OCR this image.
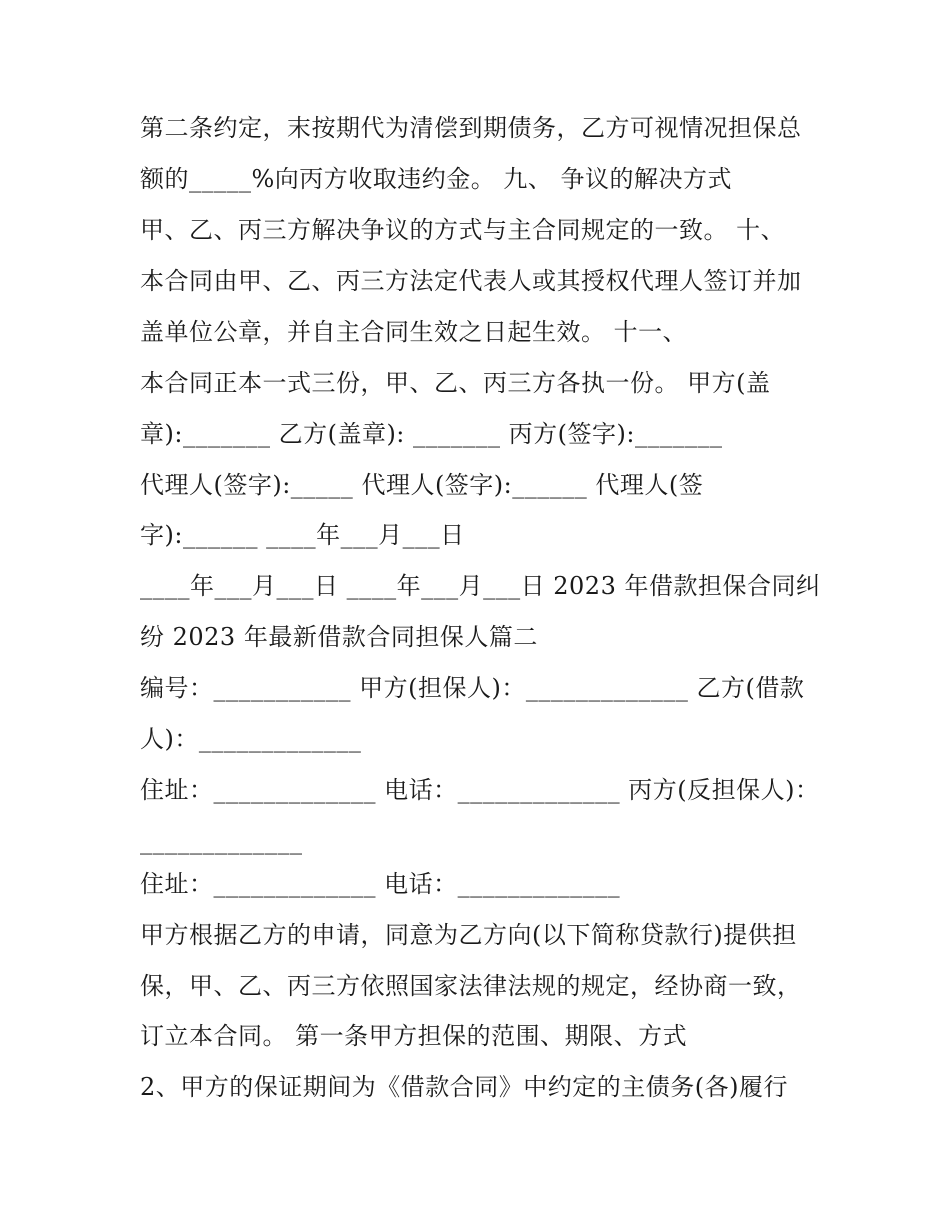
第二条约定，末按期代为清偿到期债务，乙方可视情况担保总
额的_____%向丙方收取违约金。 九、 争议的解决方式
甲、乙、丙三方解决争议的方式与主合同规定的一致。 十、
本合同由甲、乙、丙三方法定代表人或其授权代理人签订并加
盖单位公章，并自主合同生效之日起生效。 十一、
本合同正本一式三份，甲、乙、丙三方各执一份。 甲方(盖
章):_______ 乙方(盖章): _______ 丙方(签字):_______
代理人(签字):_____ 代理人(签字):______ 代理人(签
字):______ ____年___月___日
____年___月___日 ____年___月___日 2023 年借款担保合同纠
纷 2023 年最新借款合同担保人篇二
编号：___________ 甲方(担保人)：_____________ 乙方(借款
人)：_____________
住址：_____________ 电话：_____________ 丙方(反担保人)：
_____________
住址：_____________ 电话：_____________
甲方根据乙方的申请，同意为乙方向(以下简称贷款行)提供担
保，甲、乙、丙三方依照国家法律法规的规定，经协商一致，
订立本合同。 第一条甲方担保的范围、期限、方式
2、甲方的保证期间为《借款合同》中约定的主债务(各)履行
